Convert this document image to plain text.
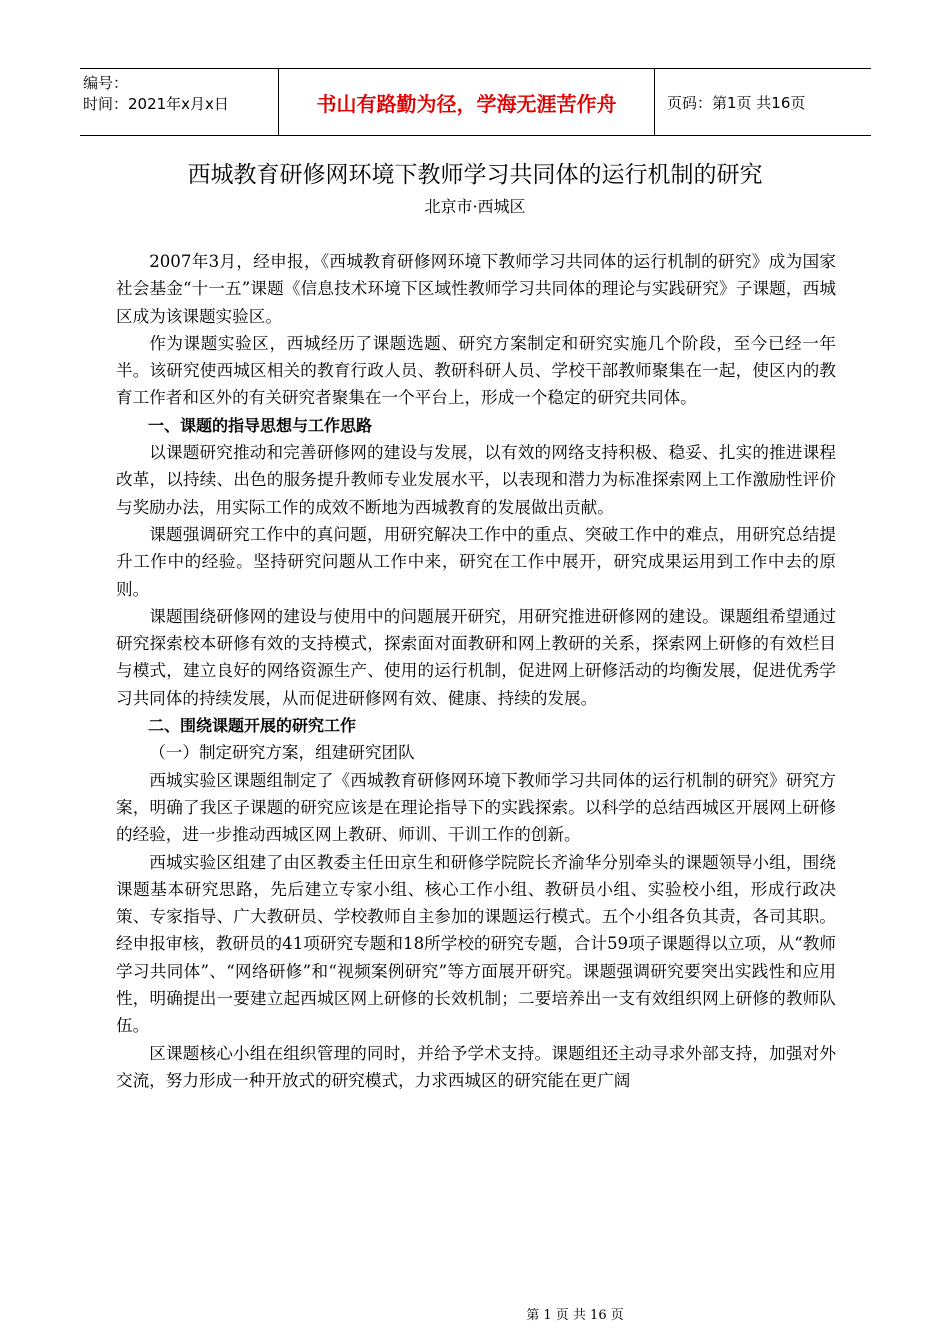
编号：
时间：2021年x月x日	书山有路勤为径，学海无涯苦作舟	页码：第1页 共16页
西城教育研修网环境下教师学习共同体的运行机制的研究
北京市·西城区

2007年3月，经申报，《西城教育研修网环境下教师学习共同体的运行机制的研究》成为国家社会基金“十一五”课题《信息技术环境下区域性教师学习共同体的理论与实践研究》子课题，西城区成为该课题实验区。

作为课题实验区，西城经历了课题选题、研究方案制定和研究实施几个阶段，至今已经一年半。该研究使西城区相关的教育行政人员、教研科研人员、学校干部教师聚集在一起，使区内的教育工作者和区外的有关研究者聚集在一个平台上，形成一个稳定的研究共同体。

一、课题的指导思想与工作思路

以课题研究推动和完善研修网的建设与发展，以有效的网络支持积极、稳妥、扎实的推进课程改革，以持续、出色的服务提升教师专业发展水平，以表现和潜力为标准探索网上工作激励性评价与奖励办法，用实际工作的成效不断地为西城教育的发展做出贡献。

课题强调研究工作中的真问题，用研究解决工作中的重点、突破工作中的难点，用研究总结提升工作中的经验。坚持研究问题从工作中来，研究在工作中展开，研究成果运用到工作中去的原则。

课题围绕研修网的建设与使用中的问题展开研究，用研究推进研修网的建设。课题组希望通过研究探索校本研修有效的支持模式，探索面对面教研和网上教研的关系，探索网上研修的有效栏目与模式，建立良好的网络资源生产、使用的运行机制，促进网上研修活动的均衡发展，促进优秀学习共同体的持续发展，从而促进研修网有效、健康、持续的发展。

二、围绕课题开展的研究工作

（一）制定研究方案，组建研究团队

西城实验区课题组制定了《西城教育研修网环境下教师学习共同体的运行机制的研究》研究方案，明确了我区子课题的研究应该是在理论指导下的实践探索。以科学的总结西城区开展网上研修的经验，进一步推动西城区网上教研、师训、干训工作的创新。

西城实验区组建了由区教委主任田京生和研修学院院长齐渝华分别牵头的课题领导小组，围绕课题基本研究思路，先后建立专家小组、核心工作小组、教研员小组、实验校小组，形成行政决策、专家指导、广大教研员、学校教师自主参加的课题运行模式。五个小组各负其责，各司其职。经申报审核，教研员的41项研究专题和18所学校的研究专题，合计59项子课题得以立项，从“教师学习共同体”、“网络研修”和“视频案例研究”等方面展开研究。课题强调研究要突出实践性和应用性，明确提出一要建立起西城区网上研修的长效机制；二要培养出一支有效组织网上研修的教师队伍。

区课题核心小组在组织管理的同时，并给予学术支持。课题组还主动寻求外部支持，加强对外交流，努力形成一种开放式的研究模式，力求西城区的研究能在更广阔

第 1 页 共 16 页
